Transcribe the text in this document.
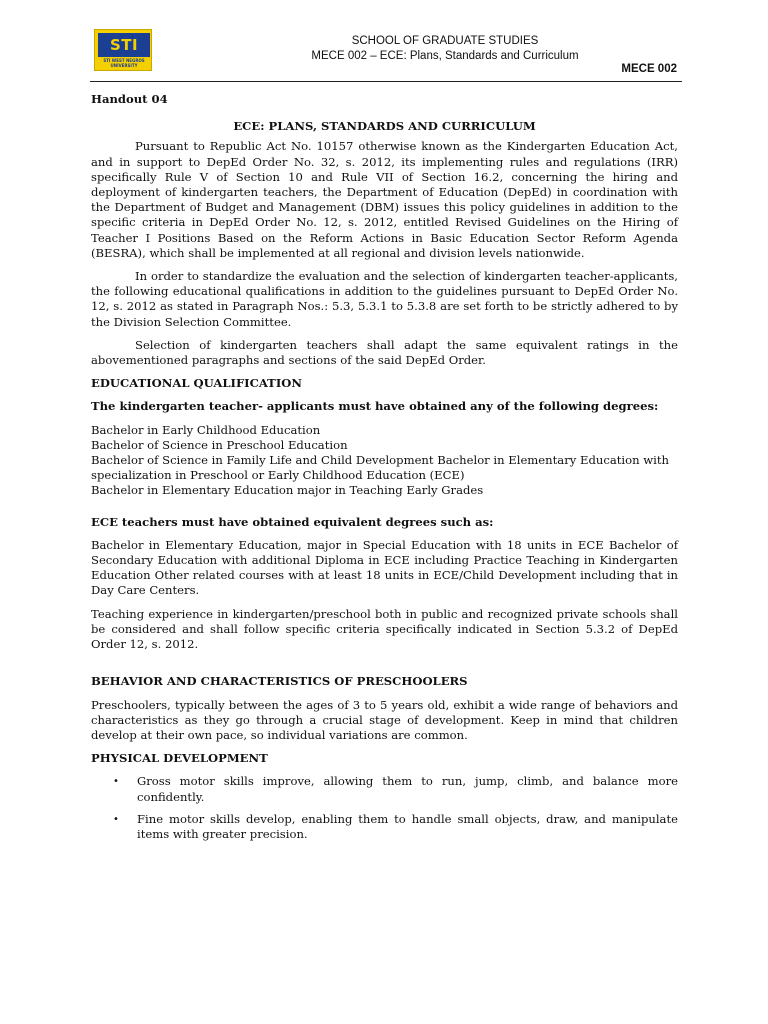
STI
STI WEST NEGROS UNIVERSITY
SCHOOL OF GRADUATE STUDIES
MECE 002 – ECE: Plans, Standards and Curriculum
MECE 002
Handout 04
ECE: PLANS, STANDARDS AND CURRICULUM

Pursuant to Republic Act No. 10157 otherwise known as the Kindergarten Education Act, and in support to DepEd Order No. 32, s. 2012, its implementing rules and regulations (IRR) specifically Rule V of Section 10 and Rule VII of Section 16.2, concerning the hiring and deployment of kindergarten teachers, the Department of Education (DepEd) in coordination with the Department of Budget and Management (DBM) issues this policy guidelines in addition to the specific criteria in DepEd Order No. 12, s. 2012, entitled Revised Guidelines on the Hiring of Teacher I Positions Based on the Reform Actions in Basic Education Sector Reform Agenda (BESRA), which shall be implemented at all regional and division levels nationwide.

In order to standardize the evaluation and the selection of kindergarten teacher-applicants, the following educational qualifications in addition to the guidelines pursuant to DepEd Order No. 12, s. 2012 as stated in Paragraph Nos.: 5.3, 5.3.1 to 5.3.8 are set forth to be strictly adhered to by the Division Selection Committee.

Selection of kindergarten teachers shall adapt the same equivalent ratings in the abovementioned paragraphs and sections of the said DepEd Order.

EDUCATIONAL QUALIFICATION
The kindergarten teacher- applicants must have obtained any of the following degrees:
Bachelor in Early Childhood Education
Bachelor of Science in Preschool Education
Bachelor of Science in Family Life and Child Development Bachelor in Elementary Education with specialization in Preschool or Early Childhood Education (ECE)
Bachelor in Elementary Education major in Teaching Early Grades
ECE teachers must have obtained equivalent degrees such as:

Bachelor in Elementary Education, major in Special Education with 18 units in ECE Bachelor of Secondary Education with additional Diploma in ECE including Practice Teaching in Kindergarten Education Other related courses with at least 18 units in ECE/Child Development including that in Day Care Centers.

Teaching experience in kindergarten/preschool both in public and recognized private schools shall be considered and shall follow specific criteria specifically indicated in Section 5.3.2 of DepEd Order 12, s. 2012.

BEHAVIOR AND CHARACTERISTICS OF PRESCHOOLERS

Preschoolers, typically between the ages of 3 to 5 years old, exhibit a wide range of behaviors and characteristics as they go through a crucial stage of development. Keep in mind that children develop at their own pace, so individual variations are common.

PHYSICAL DEVELOPMENT
• Gross motor skills improve, allowing them to run, jump, climb, and balance more confidently.
• Fine motor skills develop, enabling them to handle small objects, draw, and manipulate items with greater precision.
